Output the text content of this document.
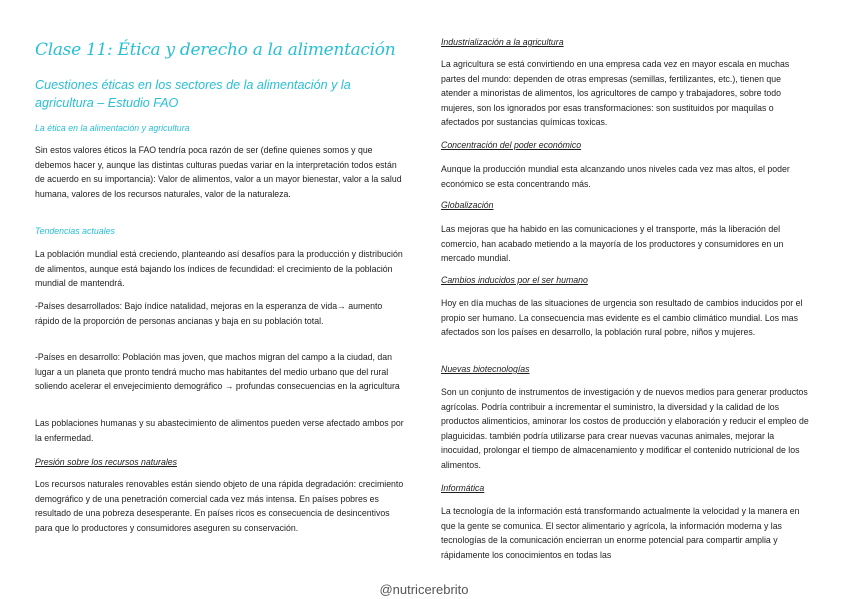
Clase 11: Ética y derecho a la alimentación
Cuestiones éticas en los sectores de la alimentación y la agricultura – Estudio FAO
La ética en la alimentación y agricultura

Sin estos valores éticos la FAO tendría poca razón de ser (define quienes somos y que debemos hacer y, aunque las distintas culturas puedas variar en la interpretación todos están de acuerdo en su importancia): Valor de alimentos, valor a un mayor bienestar, valor a la salud humana, valores de los recursos naturales, valor de la naturaleza.

Tendencias actuales

La población mundial está creciendo, planteando así desafíos para la producción y distribución de alimentos, aunque está bajando los índices de fecundidad: el crecimiento de la población mundial de mantendrá.

-Países desarrollados: Bajo índice natalidad, mejoras en la esperanza de vida→ aumento rápido de la proporción de personas ancianas y baja en su población total.

-Países en desarrollo: Población mas joven, que machos migran del campo a la ciudad, dan lugar a un planeta que pronto tendrá mucho mas habitantes del medio urbano que del rural soliendo acelerar el envejecimiento demográfico → profundas consecuencias en la agricultura

Las poblaciones humanas y su abastecimiento de alimentos pueden verse afectado ambos por la enfermedad.

Presión sobre los recursos naturales

Los recursos naturales renovables están siendo objeto de una rápida degradación: crecimiento demográfico y de una penetración comercial cada vez más intensa. En países pobres es resultado de una pobreza desesperante. En países ricos es consecuencia de desincentivos para que lo productores y consumidores aseguren su conservación.

Industrialización a la agricultura

La agricultura se está convirtiendo en una empresa cada vez en mayor escala en muchas partes del mundo: dependen de otras empresas (semillas, fertilizantes, etc.), tienen que atender a minoristas de alimentos, los agricultores de campo y trabajadores, sobre todo mujeres, son los ignorados por esas transformaciones: son sustituidos por maquilas o afectados por sustancias químicas toxicas.

Concentración del poder económico

Aunque la producción mundial esta alcanzando unos niveles cada vez mas altos, el poder económico se esta concentrando más.

Globalización

Las mejoras que ha habido en las comunicaciones y el transporte, más la liberación del comercio, han acabado metiendo a la mayoría de los productores y consumidores en un mercado mundial.

Cambios inducidos por el ser humano

Hoy en día muchas de las situaciones de urgencia son resultado de cambios inducidos por el propio ser humano. La consecuencia mas evidente es el cambio climático mundial. Los mas afectados son los países en desarrollo, la población rural pobre, niños y mujeres.

Nuevas biotecnologías

Son un conjunto de instrumentos de investigación y de nuevos medios para generar productos agrícolas. Podría contribuir a incrementar el suministro, la diversidad y la calidad de los productos alimenticios, aminorar los costos de producción y elaboración y reducir el empleo de plaguicidas. también podría utilizarse para crear nuevas vacunas animales, mejorar la inocuidad, prolongar el tiempo de almacenamiento y modificar el contenido nutricional de los alimentos.

Informática

La tecnología de la información está transformando actualmente la velocidad y la manera en que la gente se comunica. El sector alimentario y agrícola, la información moderna y las tecnologías de la comunicación encierran un enorme potencial para compartir amplia y rápidamente los conocimientos en todas las

@nutricerebrito
